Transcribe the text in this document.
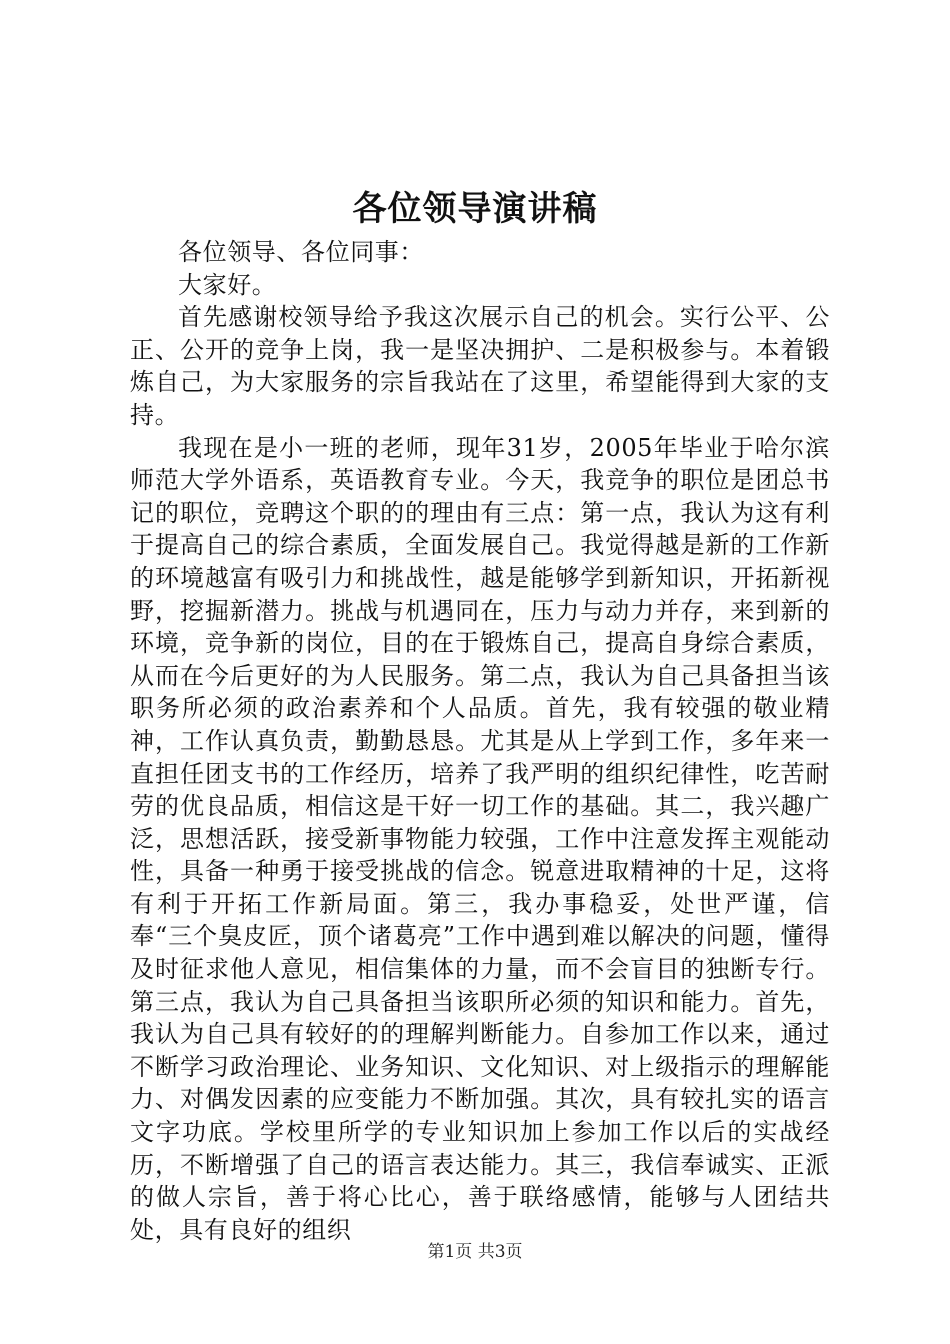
各位领导演讲稿

各位领导、各位同事：

大家好。

首先感谢校领导给予我这次展示自己的机会。实行公平、公正、公开的竞争上岗，我一是坚决拥护、二是积极参与。本着锻炼自己，为大家服务的宗旨我站在了这里，希望能得到大家的支持。

我现在是小一班的老师，现年31岁，2005年毕业于哈尔滨师范大学外语系，英语教育专业。今天，我竞争的职位是团总书记的职位，竞聘这个职的的理由有三点：第一点，我认为这有利于提高自己的综合素质，全面发展自己。我觉得越是新的工作新的环境越富有吸引力和挑战性，越是能够学到新知识，开拓新视野，挖掘新潜力。挑战与机遇同在，压力与动力并存，来到新的环境，竞争新的岗位，目的在于锻炼自己，提高自身综合素质，从而在今后更好的为人民服务。第二点，我认为自己具备担当该职务所必须的政治素养和个人品质。首先，我有较强的敬业精神，工作认真负责，勤勤恳恳。尤其是从上学到工作，多年来一直担任团支书的工作经历，培养了我严明的组织纪律性，吃苦耐劳的优良品质，相信这是干好一切工作的基础。其二，我兴趣广泛，思想活跃，接受新事物能力较强，工作中注意发挥主观能动性，具备一种勇于接受挑战的信念。锐意进取精神的十足，这将有利于开拓工作新局面。第三，我办事稳妥，处世严谨，信奉“三个臭皮匠，顶个诸葛亮”工作中遇到难以解决的问题，懂得及时征求他人意见，相信集体的力量，而不会盲目的独断专行。第三点，我认为自己具备担当该职所必须的知识和能力。首先，我认为自己具有较好的的理解判断能力。自参加工作以来，通过不断学习政治理论、业务知识、文化知识、对上级指示的理解能力、对偶发因素的应变能力不断加强。其次，具有较扎实的语言文字功底。学校里所学的专业知识加上参加工作以后的实战经历，不断增强了自己的语言表达能力。其三，我信奉诚实、正派的做人宗旨，善于将心比心，善于联络感情，能够与人团结共处，具有良好的组织

第1页 共3页
